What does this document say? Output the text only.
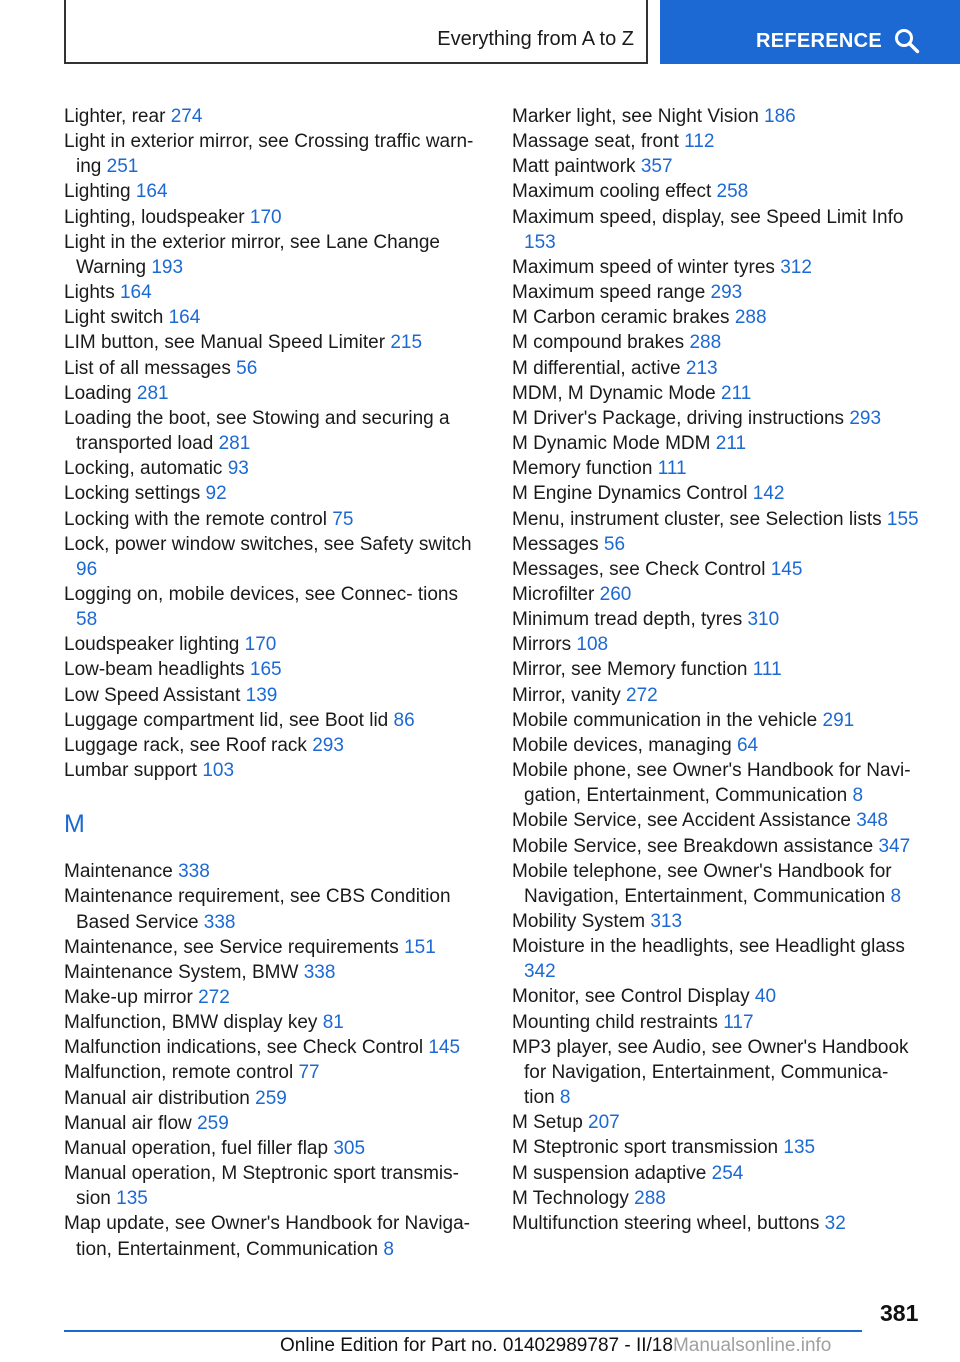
Everything from A to Z	REFERENCE
Lighter, rear 274
Light in exterior mirror, see Crossing traffic warn- ing 251
Lighting 164
Lighting, loudspeaker 170
Light in the exterior mirror, see Lane Change Warning 193
Lights 164
Light switch 164
LIM button, see Manual Speed Limiter 215
List of all messages 56
Loading 281
Loading the boot, see Stowing and securing a transported load 281
Locking, automatic 93
Locking settings 92
Locking with the remote control 75
Lock, power window switches, see Safety switch 96
Logging on, mobile devices, see Connec- tions 58
Loudspeaker lighting 170
Low-beam headlights 165
Low Speed Assistant 139
Luggage compartment lid, see Boot lid 86
Luggage rack, see Roof rack 293
Lumbar support 103
M
Maintenance 338
Maintenance requirement, see CBS Condition Based Service 338
Maintenance, see Service requirements 151
Maintenance System, BMW 338
Make-up mirror 272
Malfunction, BMW display key 81
Malfunction indications, see Check Control 145
Malfunction, remote control 77
Manual air distribution 259
Manual air flow 259
Manual operation, fuel filler flap 305
Manual operation, M Steptronic sport transmis- sion 135
Map update, see Owner's Handbook for Naviga- tion, Entertainment, Communication 8
Marker light, see Night Vision 186
Massage seat, front 112
Matt paintwork 357
Maximum cooling effect 258
Maximum speed, display, see Speed Limit Info 153
Maximum speed of winter tyres 312
Maximum speed range 293
M Carbon ceramic brakes 288
M compound brakes 288
M differential, active 213
MDM, M Dynamic Mode 211
M Driver's Package, driving instructions 293
M Dynamic Mode MDM 211
Memory function 111
M Engine Dynamics Control 142
Menu, instrument cluster, see Selection lists 155
Messages 56
Messages, see Check Control 145
Microfilter 260
Minimum tread depth, tyres 310
Mirrors 108
Mirror, see Memory function 111
Mirror, vanity 272
Mobile communication in the vehicle 291
Mobile devices, managing 64
Mobile phone, see Owner's Handbook for Navi- gation, Entertainment, Communication 8
Mobile Service, see Accident Assistance 348
Mobile Service, see Breakdown assistance 347
Mobile telephone, see Owner's Handbook for Navigation, Entertainment, Communication 8
Mobility System 313
Moisture in the headlights, see Headlight glass 342
Monitor, see Control Display 40
Mounting child restraints 117
MP3 player, see Audio, see Owner's Handbook for Navigation, Entertainment, Communica- tion 8
M Setup 207
M Steptronic sport transmission 135
M suspension adaptive 254
M Technology 288
Multifunction steering wheel, buttons 32
381
Online Edition for Part no. 01402989787 - II/18Manualsonline.info
